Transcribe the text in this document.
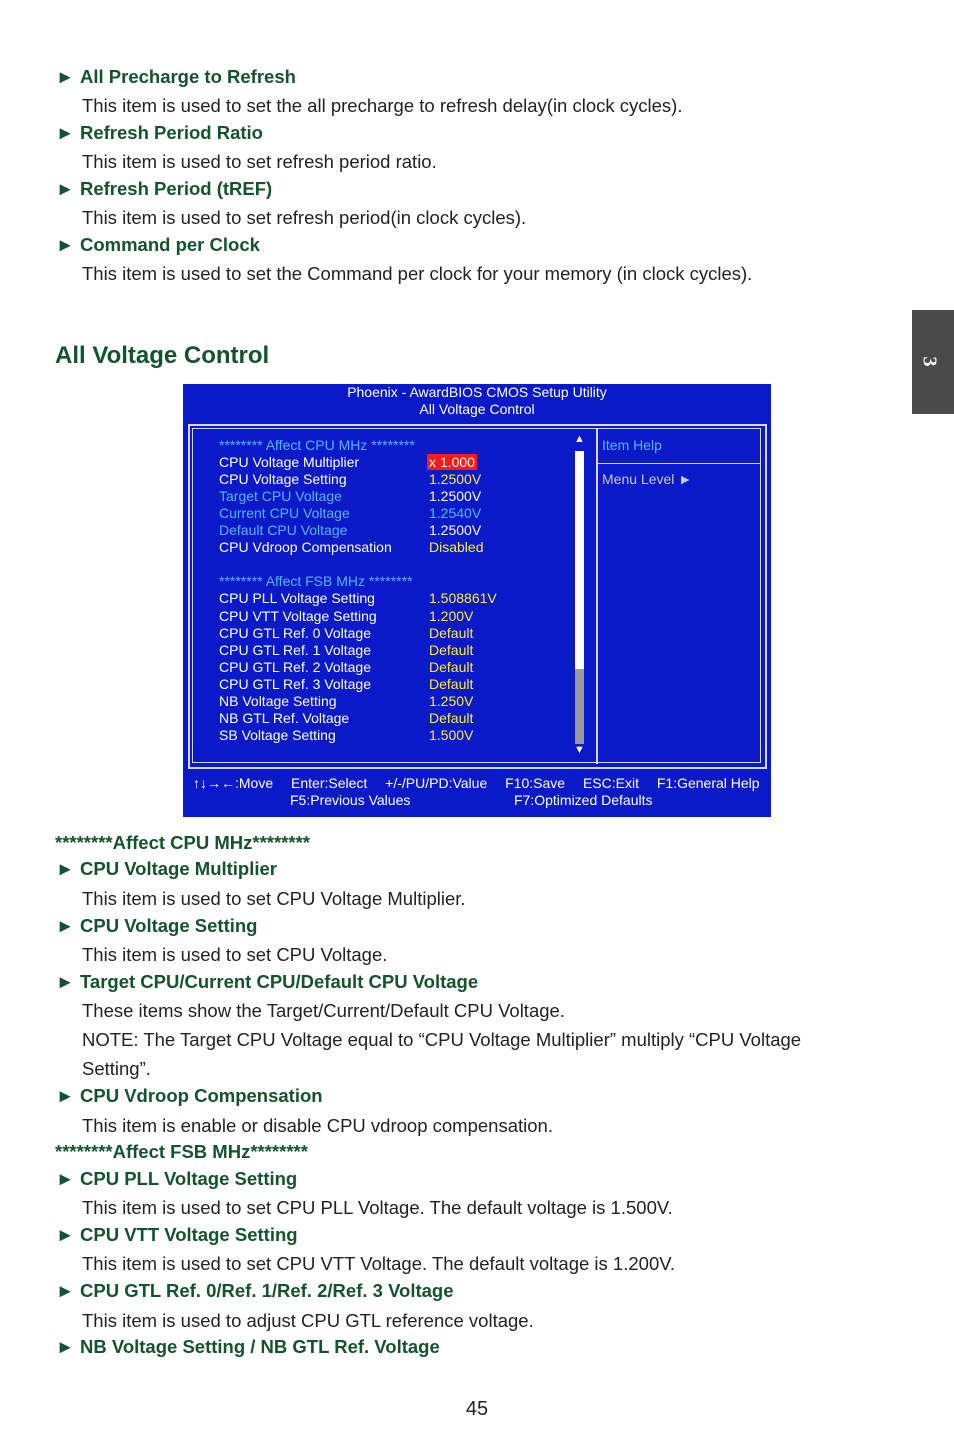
► All Precharge to Refresh
This item is used to set the all precharge to refresh delay(in clock cycles).
► Refresh Period Ratio
This item is used to set refresh period ratio.
► Refresh Period (tREF)
This item is used to set refresh period(in clock cycles).
► Command per Clock
This item is used to set the Command per clock for your memory (in clock cycles).
3
All Voltage Control
Phoenix - AwardBIOS CMOS Setup Utility
All Voltage Control
******** Affect CPU MHz ********
CPU Voltage Multiplier	x 1.000
CPU Voltage Setting	1.2500V
Target CPU Voltage	1.2500V
Current CPU Voltage	1.2540V
Default CPU Voltage	1.2500V
CPU Vdroop Compensation	Disabled
******** Affect FSB MHz ********
CPU PLL Voltage Setting	1.508861V
CPU VTT Voltage Setting	1.200V
CPU GTL Ref. 0 Voltage	Default
CPU GTL Ref. 1 Voltage	Default
CPU GTL Ref. 2 Voltage	Default
CPU GTL Ref. 3 Voltage	Default
NB Voltage Setting	1.250V
NB GTL Ref. Voltage	Default
SB Voltage Setting	1.500V
▲
▼
Item Help
Menu Level ►
↑↓→←:Move Enter:Select +/-/PU/PD:Value F10:Save ESC:Exit F1:General Help
F5:Previous Values	F7:Optimized Defaults
********Affect CPU MHz********
► CPU Voltage Multiplier
This item is used to set CPU Voltage Multiplier.
► CPU Voltage Setting
This item is used to set CPU Voltage.
► Target CPU/Current CPU/Default CPU Voltage
These items show the Target/Current/Default CPU Voltage.
NOTE: The Target CPU Voltage equal to “CPU Voltage Multiplier” multiply “CPU Voltage
Setting”.
► CPU Vdroop Compensation
This item is enable or disable CPU vdroop compensation.
********Affect FSB MHz********
► CPU PLL Voltage Setting
This item is used to set CPU PLL Voltage. The default voltage is 1.500V.
► CPU VTT Voltage Setting
This item is used to set CPU VTT Voltage. The default voltage is 1.200V.
► CPU GTL Ref. 0/Ref. 1/Ref. 2/Ref. 3 Voltage
This item is used to adjust CPU GTL reference voltage.
► NB Voltage Setting / NB GTL Ref. Voltage
45
